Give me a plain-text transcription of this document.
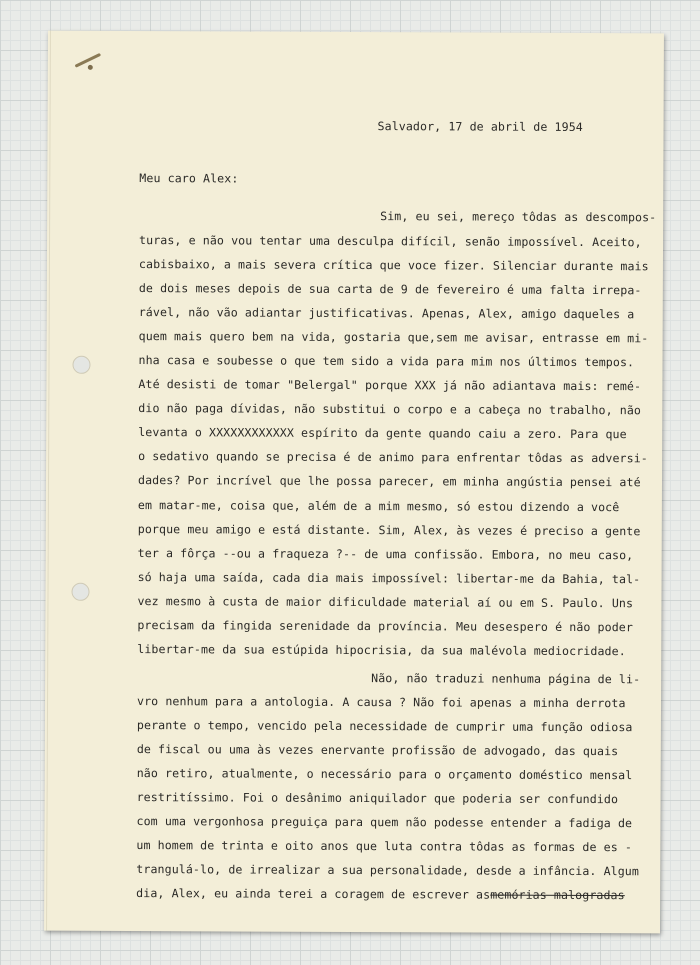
Salvador, 17 de abril de 1954
Meu caro Alex:
Sim, eu sei, mereço tôdas as descompos-
turas, e não vou tentar uma desculpa difícil, senão impossível. Aceito,
cabisbaixo, a mais severa crítica que voce fizer. Silenciar durante mais
de dois meses depois de sua carta de 9 de fevereiro é uma falta irrepa-
rável, não vão adiantar justificativas. Apenas, Alex, amigo daqueles a
quem mais quero bem na vida, gostaria que,sem me avisar, entrasse em mi-
nha casa e soubesse o que tem sido a vida para mim nos últimos tempos.
Até desisti de tomar "Belergal" porque XXX já não adiantava mais: remé-
dio não paga dívidas, não substitui o corpo e a cabeça no trabalho, não
levanta o XXXXXXXXXXXX espírito da gente quando caiu a zero. Para que
o sedativo quando se precisa é de animo para enfrentar tôdas as adversi-
dades? Por incrível que lhe possa parecer, em minha angústia pensei até
em matar-me, coisa que, além de a mim mesmo, só estou dizendo a você
porque meu amigo e está distante. Sim, Alex, às vezes é preciso a gente
ter a fôrça --ou a fraqueza ?-- de uma confissão. Embora, no meu caso,
só haja uma saída, cada dia mais impossível: libertar-me da Bahia, tal-
vez mesmo à custa de maior dificuldade material aí ou em S. Paulo. Uns
precisam da fingida serenidade da província. Meu desespero é não poder
libertar-me da sua estúpida hipocrisia, da sua malévola mediocridade.
Não, não traduzi nenhuma página de li-
vro nenhum para a antologia. A causa ? Não foi apenas a minha derrota
perante o tempo, vencido pela necessidade de cumprir uma função odiosa
de fiscal ou uma às vezes enervante profissão de advogado, das quais
não retiro, atualmente, o necessário para o orçamento doméstico mensal
restritíssimo. Foi o desânimo aniquilador que poderia ser confundido
com uma vergonhosa preguiça para quem não podesse entender a fadiga de
um homem de trinta e oito anos que luta contra tôdas as formas de es -
trangulá-lo, de irrealizar a sua personalidade, desde a infância. Algum
dia, Alex, eu ainda terei a coragem de escrever asmemórias malogradas
